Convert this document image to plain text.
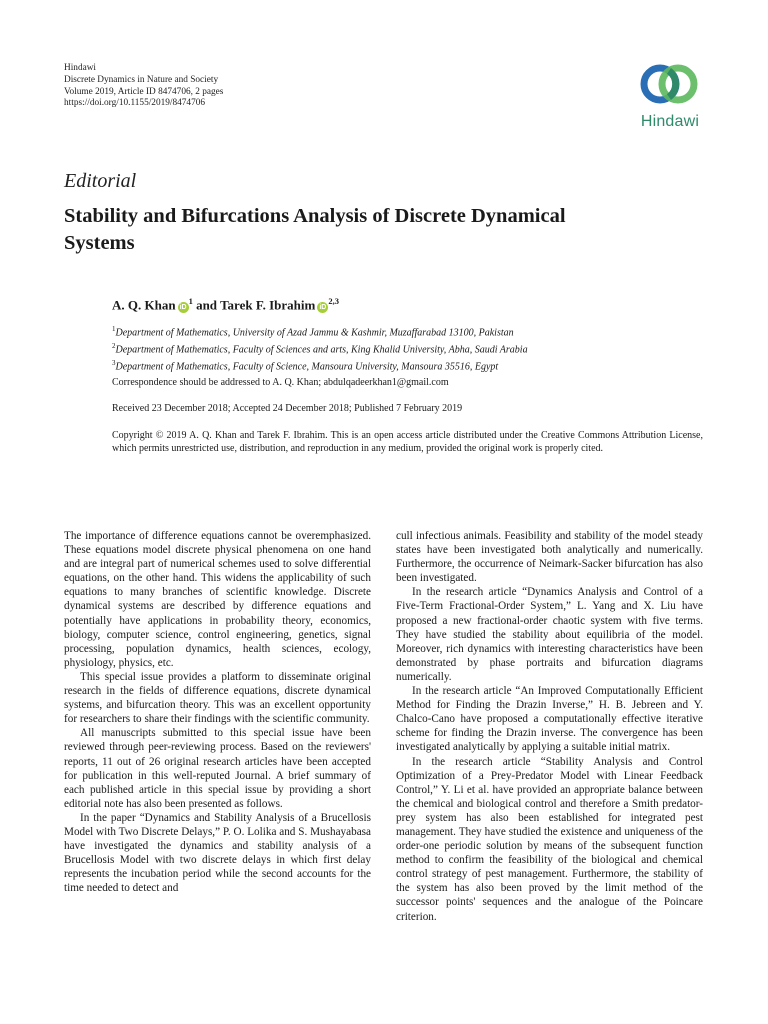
Hindawi
Discrete Dynamics in Nature and Society
Volume 2019, Article ID 8474706, 2 pages
https://doi.org/10.1155/2019/8474706
Hindawi
Editorial
Stability and Bifurcations Analysis of Discrete Dynamical Systems
A. Q. Khan $iD^1$ and Tarek F. Ibrahim iD$^{2,3}$
$^1$Department of Mathematics, University of Azad Jammu & Kashmir, Muzaffarabad 13100, Pakistan
$^2$Department of Mathematics, Faculty of Sciences and arts, King Khalid University, Abha, Saudi Arabia
$^3$Department of Mathematics, Faculty of Science, Mansoura University, Mansoura 35516, Egypt
Correspondence should be addressed to A. Q. Khan; abdulqadeerkhan1@gmail.com
Received 23 December 2018; Accepted 24 December 2018; Published 7 February 2019
Copyright © 2019 A. Q. Khan and Tarek F. Ibrahim. This is an open access article distributed under the Creative Commons Attribution License, which permits unrestricted use, distribution, and reproduction in any medium, provided the original work is properly cited.

The importance of difference equations cannot be overemphasized. These equations model discrete physical phenomena on one hand and are integral part of numerical schemes used to solve differential equations, on the other hand. This widens the applicability of such equations to many branches of scientific knowledge. Discrete dynamical systems are described by difference equations and potentially have applications in probability theory, economics, biology, computer science, control engineering, genetics, signal processing, population dynamics, health sciences, ecology, physiology, physics, etc.

This special issue provides a platform to disseminate original research in the fields of difference equations, discrete dynamical systems, and bifurcation theory. This was an excellent opportunity for researchers to share their findings with the scientific community.

All manuscripts submitted to this special issue have been reviewed through peer-reviewing process. Based on the reviewers' reports, 11 out of 26 original research articles have been accepted for publication in this well-reputed Journal. A brief summary of each published article in this special issue by providing a short editorial note has also been presented as follows.

In the paper “Dynamics and Stability Analysis of a Brucellosis Model with Two Discrete Delays,” P. O. Lolika and S. Mushayabasa have investigated the dynamics and stability analysis of a Brucellosis Model with two discrete delays in which first delay represents the incubation period while the second accounts for the time needed to detect and

cull infectious animals. Feasibility and stability of the model steady states have been investigated both analytically and numerically. Furthermore, the occurrence of Neimark-Sacker bifurcation has also been investigated.

In the research article “Dynamics Analysis and Control of a Five-Term Fractional-Order System,” L. Yang and X. Liu have proposed a new fractional-order chaotic system with five terms. They have studied the stability about equilibria of the model. Moreover, rich dynamics with interesting characteristics have been demonstrated by phase portraits and bifurcation diagrams numerically.

In the research article “An Improved Computationally Efficient Method for Finding the Drazin Inverse,” H. B. Jebreen and Y. Chalco-Cano have proposed a computationally effective iterative scheme for finding the Drazin inverse. The convergence has been investigated analytically by applying a suitable initial matrix.

In the research article “Stability Analysis and Control Optimization of a Prey-Predator Model with Linear Feedback Control,” Y. Li et al. have provided an appropriate balance between the chemical and biological control and therefore a Smith predator-prey system has also been established for integrated pest management. They have studied the existence and uniqueness of the order-one periodic solution by means of the subsequent function method to confirm the feasibility of the biological and chemical control strategy of pest management. Furthermore, the stability of the system has also been proved by the limit method of the successor points' sequences and the analogue of the Poincare criterion.
